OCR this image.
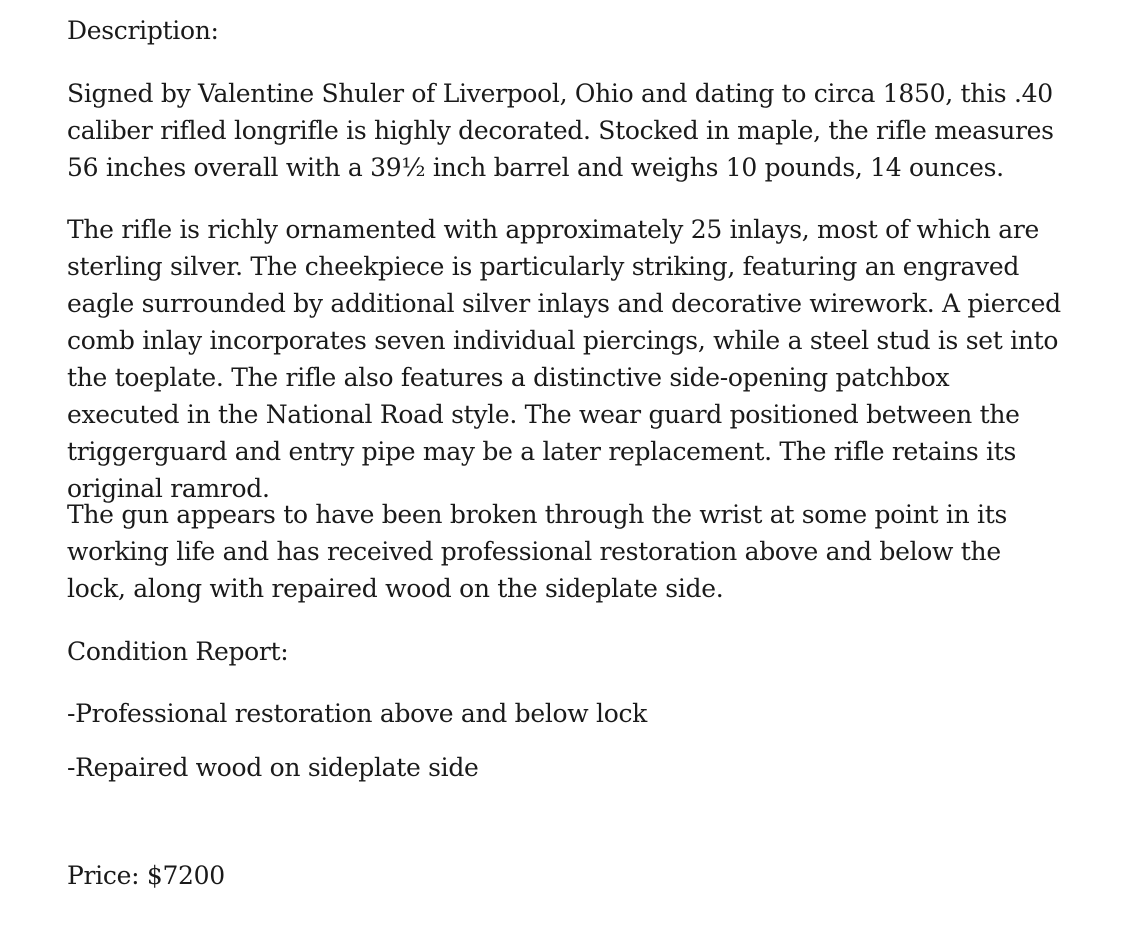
Description:

Signed by Valentine Shuler of Liverpool, Ohio and dating to circa 1850, this .40 caliber rifled longrifle is highly decorated. Stocked in maple, the rifle measures 56 inches overall with a 39½ inch barrel and weighs 10 pounds, 14 ounces.

The rifle is richly ornamented with approximately 25 inlays, most of which are sterling silver. The cheekpiece is particularly striking, featuring an engraved eagle surrounded by additional silver inlays and decorative wirework. A pierced comb inlay incorporates seven individual piercings, while a steel stud is set into the toeplate. The rifle also features a distinctive side-opening patchbox executed in the National Road style. The wear guard positioned between the triggerguard and entry pipe may be a later replacement. The rifle retains its original ramrod.

The gun appears to have been broken through the wrist at some point in its working life and has received professional restoration above and below the lock, along with repaired wood on the sideplate side.

Condition Report:

-Professional restoration above and below lock

-Repaired wood on sideplate side

Price: $7200
